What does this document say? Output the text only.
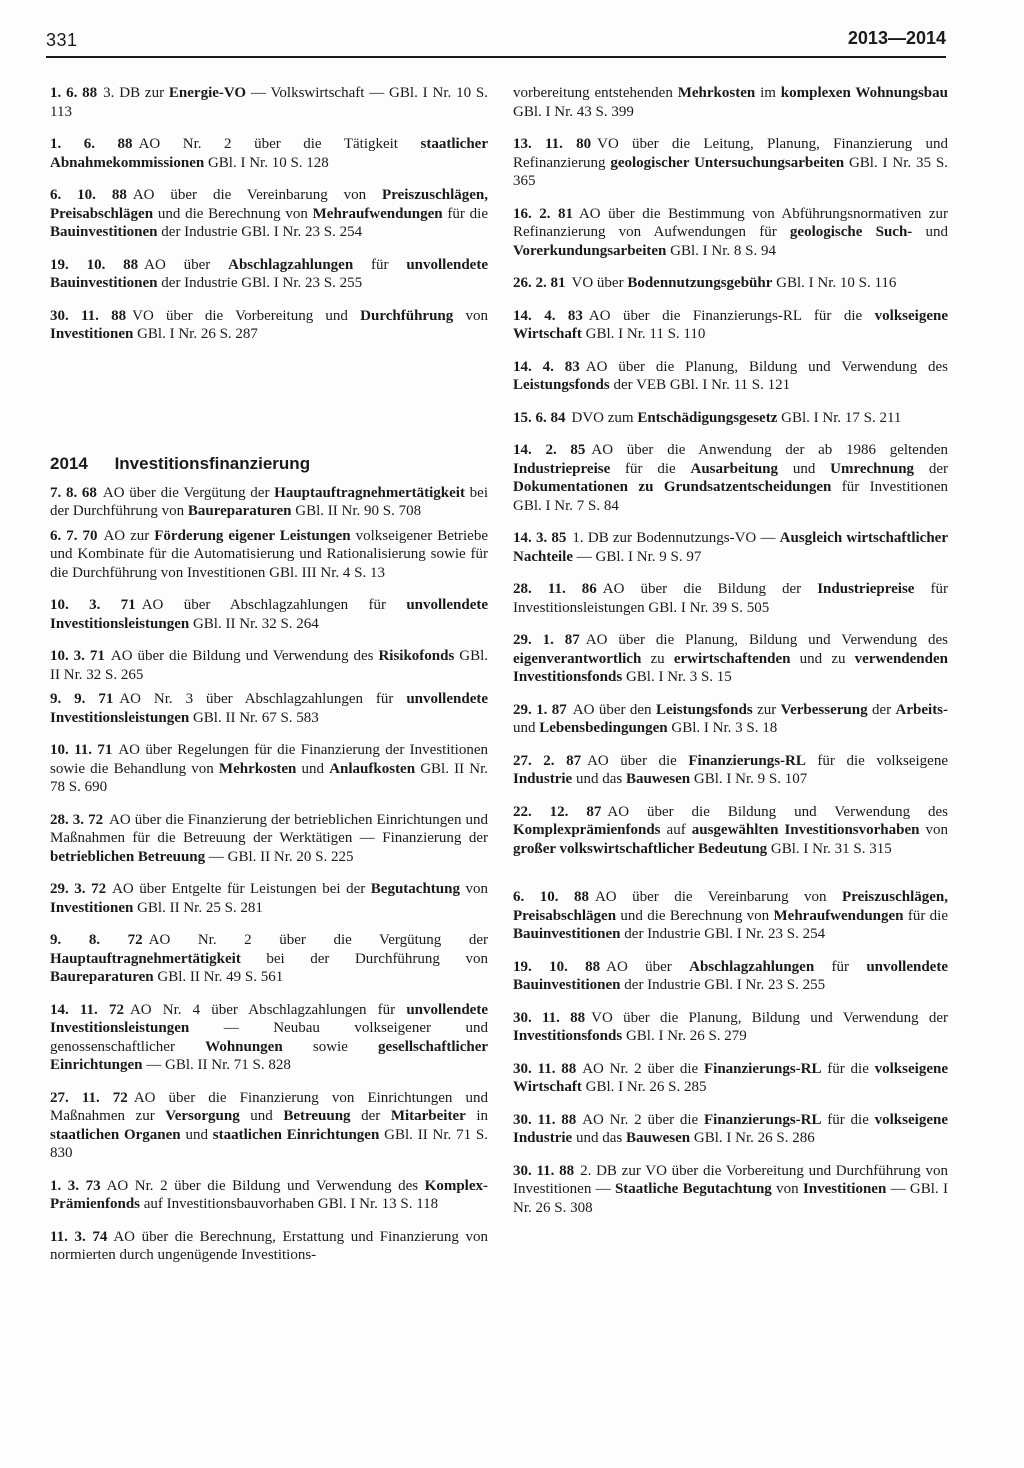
331	2013—2014

1. 6. 88 3. DB zur Energie-VO — Volkswirtschaft — GBl. I Nr. 10 S. 113

1. 6. 88 AO Nr. 2 über die Tätigkeit staatlicher Abnahmekommissionen GBl. I Nr. 10 S. 128

6. 10. 88 AO über die Vereinbarung von Preiszuschlägen, Preisabschlägen und die Berechnung von Mehraufwendungen für die Bauinvestitionen der Industrie GBl. I Nr. 23 S. 254

19. 10. 88 AO über Abschlagzahlungen für unvollendete Bauinvestitionen der Industrie GBl. I Nr. 23 S. 255

30. 11. 88 VO über die Vorbereitung und Durchführung von Investitionen GBl. I Nr. 26 S. 287

2014 Investitionsfinanzierung

7. 8. 68 AO über die Vergütung der Hauptauftragnehmertätigkeit bei der Durchführung von Baureparaturen GBl. II Nr. 90 S. 708

6. 7. 70 AO zur Förderung eigener Leistungen volkseigener Betriebe und Kombinate für die Automatisierung und Rationalisierung sowie für die Durchführung von Investitionen GBl. III Nr. 4 S. 13

10. 3. 71 AO über Abschlagzahlungen für unvollendete Investitionsleistungen GBl. II Nr. 32 S. 264

10. 3. 71 AO über die Bildung und Verwendung des Risikofonds GBl. II Nr. 32 S. 265

9. 9. 71 AO Nr. 3 über Abschlagzahlungen für unvollendete Investitionsleistungen GBl. II Nr. 67 S. 583

10. 11. 71 AO über Regelungen für die Finanzierung der Investitionen sowie die Behandlung von Mehrkosten und Anlaufkosten GBl. II Nr. 78 S. 690

28. 3. 72 AO über die Finanzierung der betrieblichen Einrichtungen und Maßnahmen für die Betreuung der Werktätigen — Finanzierung der betrieblichen Betreuung — GBl. II Nr. 20 S. 225

29. 3. 72 AO über Entgelte für Leistungen bei der Begutachtung von Investitionen GBl. II Nr. 25 S. 281

9. 8. 72 AO Nr. 2 über die Vergütung der Hauptauftragnehmertätigkeit bei der Durchführung von Baureparaturen GBl. II Nr. 49 S. 561

14. 11. 72 AO Nr. 4 über Abschlagzahlungen für unvollendete Investitionsleistungen — Neubau volkseigener und genossenschaftlicher Wohnungen sowie gesellschaftlicher Einrichtungen — GBl. II Nr. 71 S. 828

27. 11. 72 AO über die Finanzierung von Einrichtungen und Maßnahmen zur Versorgung und Betreuung der Mitarbeiter in staatlichen Organen und staatlichen Einrichtungen GBl. II Nr. 71 S. 830

1. 3. 73 AO Nr. 2 über die Bildung und Verwendung des Komplex-Prämienfonds auf Investitionsbauvorhaben GBl. I Nr. 13 S. 118

11. 3. 74 AO über die Berechnung, Erstattung und Finanzierung von normierten durch ungenügende Investitions-

vorbereitung entstehenden Mehrkosten im komplexen Wohnungsbau GBl. I Nr. 43 S. 399

13. 11. 80 VO über die Leitung, Planung, Finanzierung und Refinanzierung geologischer Untersuchungsarbeiten GBl. I Nr. 35 S. 365

16. 2. 81 AO über die Bestimmung von Abführungsnormativen zur Refinanzierung von Aufwendungen für geologische Such- und Vorerkundungsarbeiten GBl. I Nr. 8 S. 94

26. 2. 81 VO über Bodennutzungsgebühr GBl. I Nr. 10 S. 116

14. 4. 83 AO über die Finanzierungs-RL für die volkseigene Wirtschaft GBl. I Nr. 11 S. 110

14. 4. 83 AO über die Planung, Bildung und Verwendung des Leistungsfonds der VEB GBl. I Nr. 11 S. 121

15. 6. 84 DVO zum Entschädigungsgesetz GBl. I Nr. 17 S. 211

14. 2. 85 AO über die Anwendung der ab 1986 geltenden Industriepreise für die Ausarbeitung und Umrechnung der Dokumentationen zu Grundsatzentscheidungen für Investitionen GBl. I Nr. 7 S. 84

14. 3. 85 1. DB zur Bodennutzungs-VO — Ausgleich wirtschaftlicher Nachteile — GBl. I Nr. 9 S. 97

28. 11. 86 AO über die Bildung der Industriepreise für Investitionsleistungen GBl. I Nr. 39 S. 505

29. 1. 87 AO über die Planung, Bildung und Verwendung des eigenverantwortlich zu erwirtschaftenden und zu verwendenden Investitionsfonds GBl. I Nr. 3 S. 15

29. 1. 87 AO über den Leistungsfonds zur Verbesserung der Arbeits- und Lebensbedingungen GBl. I Nr. 3 S. 18

27. 2. 87 AO über die Finanzierungs-RL für die volkseigene Industrie und das Bauwesen GBl. I Nr. 9 S. 107

22. 12. 87 AO über die Bildung und Verwendung des Komplexprämienfonds auf ausgewählten Investitionsvorhaben von großer volkswirtschaftlicher Bedeutung GBl. I Nr. 31 S. 315

6. 10. 88 AO über die Vereinbarung von Preiszuschlägen, Preisabschlägen und die Berechnung von Mehraufwendungen für die Bauinvestitionen der Industrie GBl. I Nr. 23 S. 254

19. 10. 88 AO über Abschlagzahlungen für unvollendete Bauinvestitionen der Industrie GBl. I Nr. 23 S. 255

30. 11. 88 VO über die Planung, Bildung und Verwendung der Investitionsfonds GBl. I Nr. 26 S. 279

30. 11. 88 AO Nr. 2 über die Finanzierungs-RL für die volkseigene Wirtschaft GBl. I Nr. 26 S. 285

30. 11. 88 AO Nr. 2 über die Finanzierungs-RL für die volkseigene Industrie und das Bauwesen GBl. I Nr. 26 S. 286

30. 11. 88 2. DB zur VO über die Vorbereitung und Durchführung von Investitionen — Staatliche Begutachtung von Investitionen — GBl. I Nr. 26 S. 308
